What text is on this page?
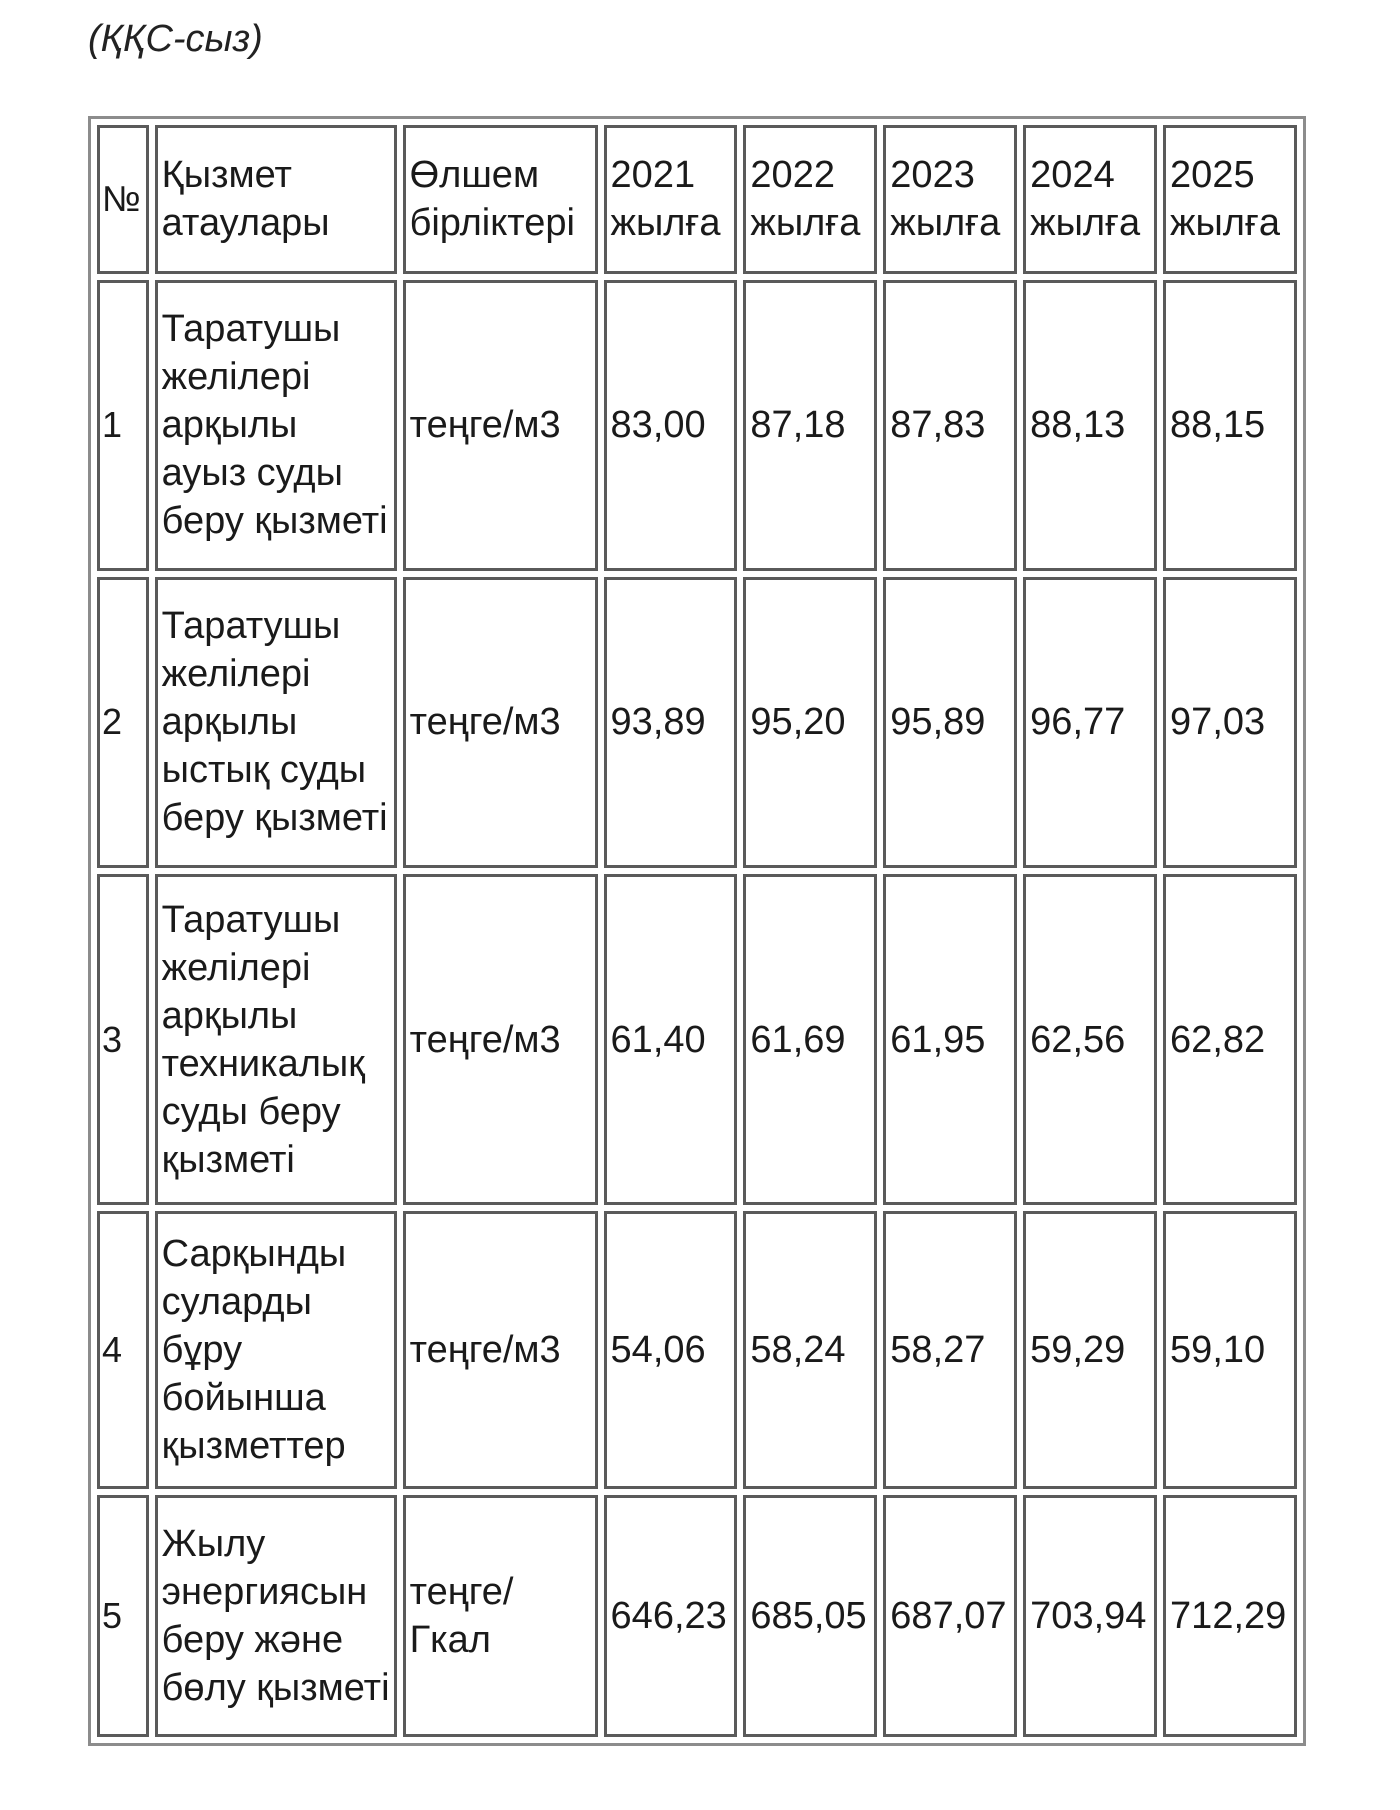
(ҚҚС-сыз)
№	Қызмет атаулары	Өлшем бірліктері	2021 жылға	2022 жылға	2023 жылға	2024 жылға	2025 жылға
1	Таратушы желілері арқылы ауыз суды беру қызметі	теңге/м3	83,00	87,18	87,83	88,13	88,15
2	Таратушы желілері арқылы ыстық суды беру қызметі	теңге/м3	93,89	95,20	95,89	96,77	97,03
3	Таратушы желілері арқылы техникалық суды беру қызметі	теңге/м3	61,40	61,69	61,95	62,56	62,82
4	Сарқынды суларды бұру бойынша қызметтер	теңге/м3	54,06	58,24	58,27	59,29	59,10
5	Жылу энергиясын беру және бөлу қызметі	теңге/ Гкал	646,23	685,05	687,07	703,94	712,29
